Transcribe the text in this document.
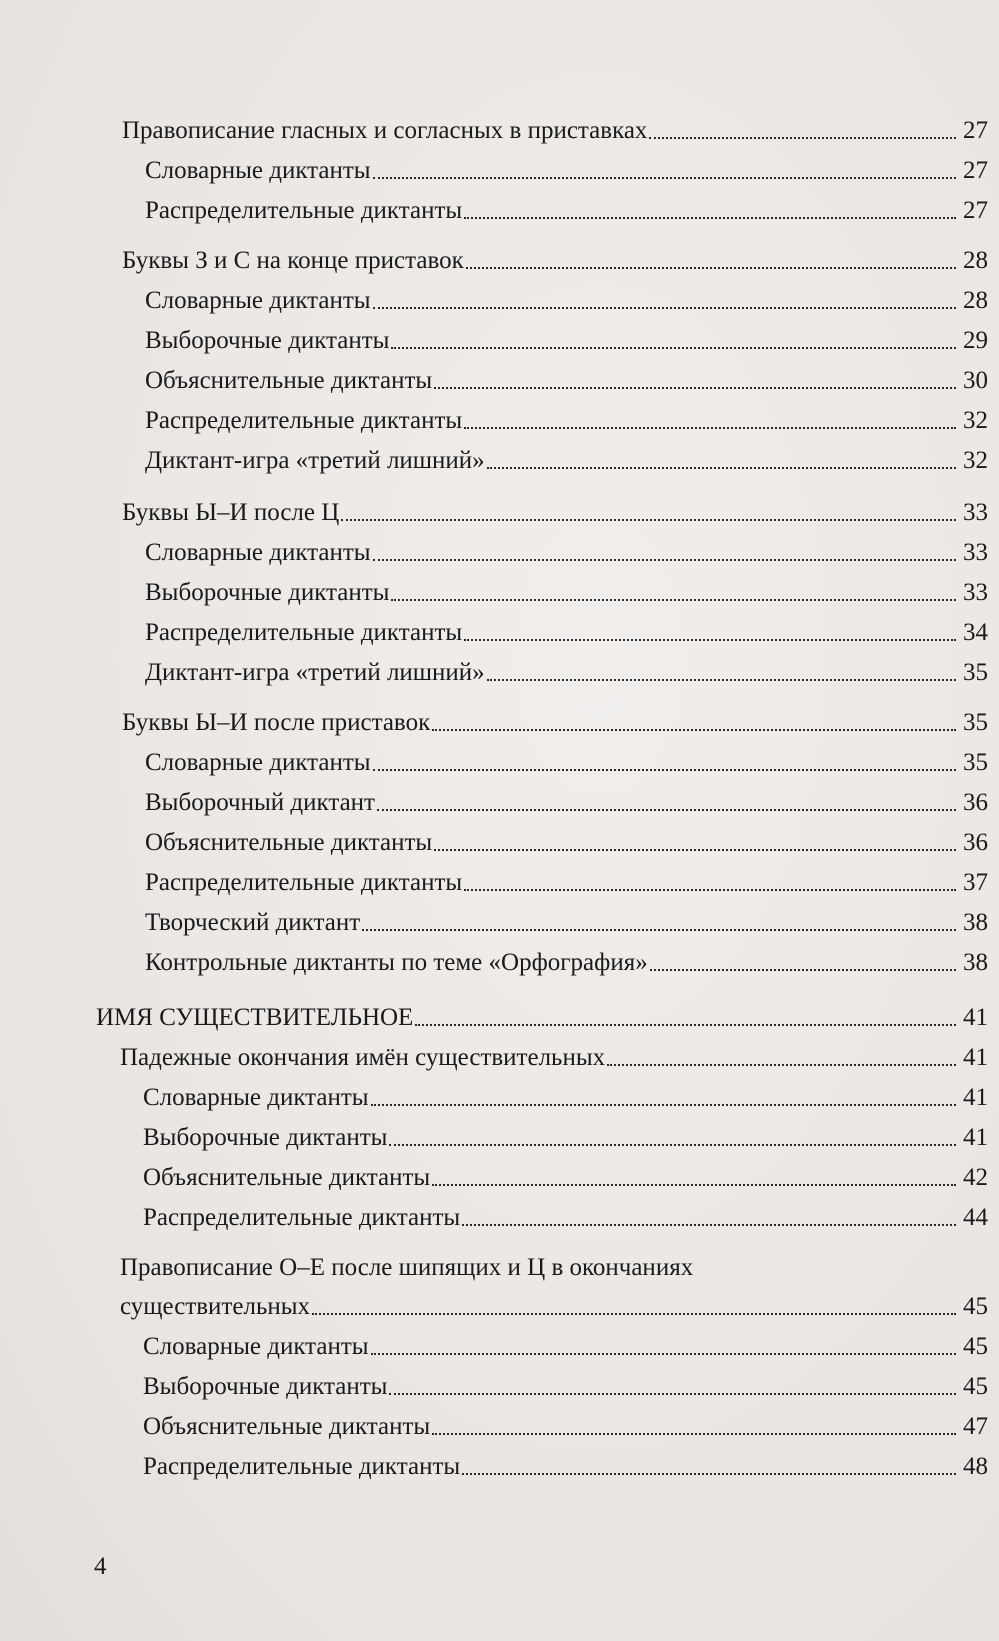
Правописание гласных и согласных в приставках	27
Словарные диктанты	27
Распределительные диктанты	27
Буквы З и С на конце приставок	28
Словарные диктанты	28
Выборочные диктанты	29
Объяснительные диктанты	30
Распределительные диктанты	32
Диктант-игра «третий лишний»	32
Буквы Ы–И после Ц	33
Словарные диктанты	33
Выборочные диктанты	33
Распределительные диктанты	34
Диктант-игра «третий лишний»	35
Буквы Ы–И после приставок	35
Словарные диктанты	35
Выборочный диктант	36
Объяснительные диктанты	36
Распределительные диктанты	37
Творческий диктант	38
Контрольные диктанты по теме «Орфография»	38
ИМЯ СУЩЕСТВИТЕЛЬНОЕ	41
Падежные окончания имён существительных	41
Словарные диктанты	41
Выборочные диктанты	41
Объяснительные диктанты	42
Распределительные диктанты	44
Правописание О–Е после шипящих и Ц в окончаниях
существительных	45
Словарные диктанты	45
Выборочные диктанты	45
Объяснительные диктанты	47
Распределительные диктанты	48
4
